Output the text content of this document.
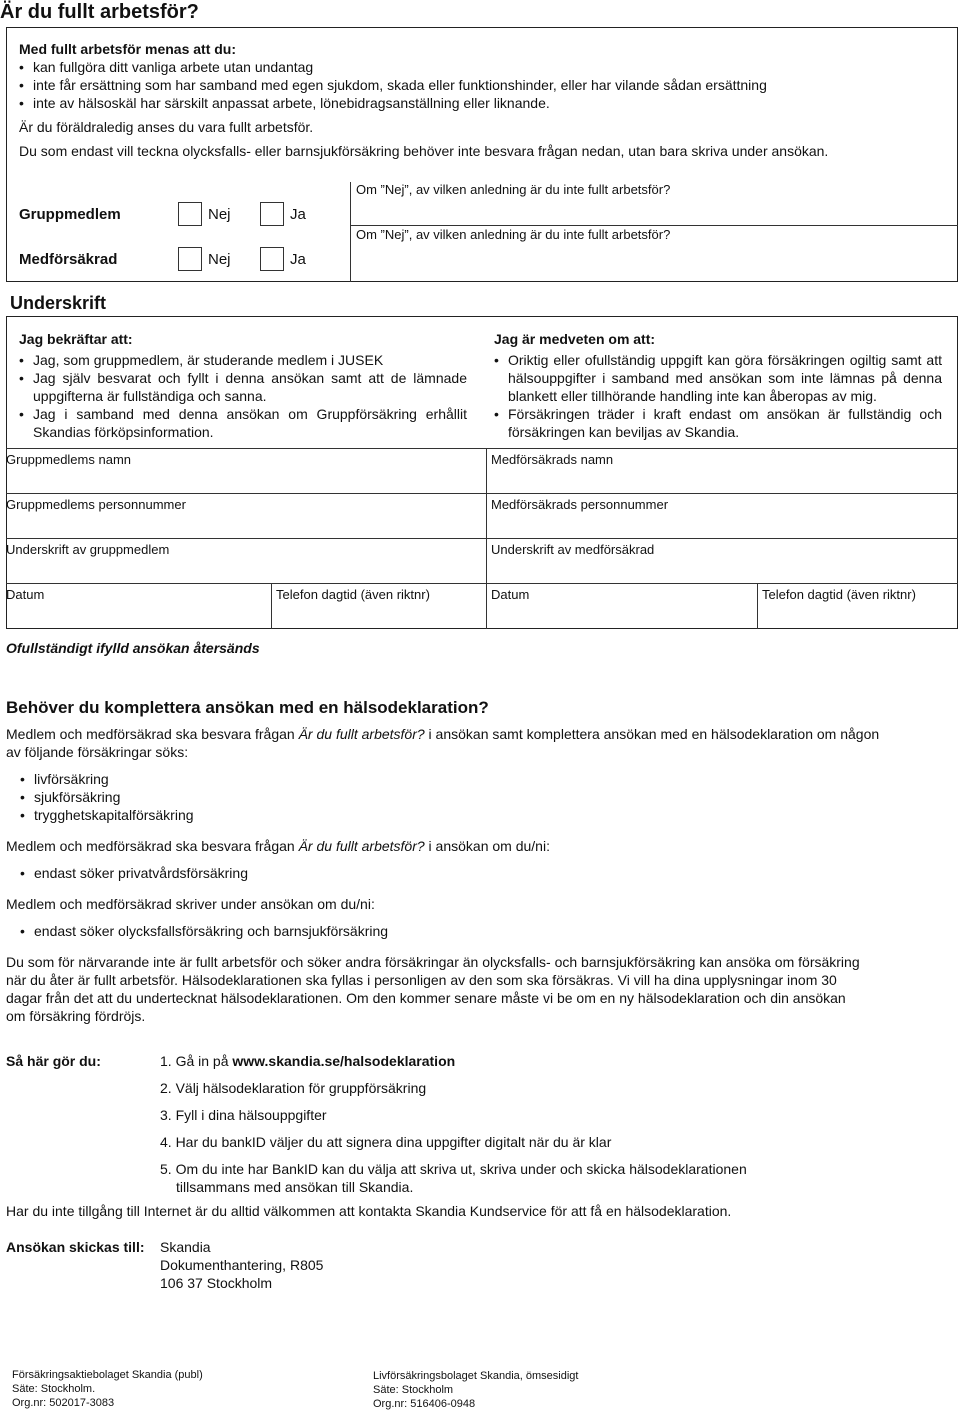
Är du fullt arbetsför?
Med fullt arbetsför menas att du:
• kan fullgöra ditt vanliga arbete utan undantag
• inte får ersättning som har samband med egen sjukdom, skada eller funktionshinder, eller har vilande sådan ersättning
• inte av hälsoskäl har särskilt anpassat arbete, lönebidragsanställning eller liknande.
Är du föräldraledig anses du vara fullt arbetsför.
Du som endast vill teckna olycksfalls- eller barnsjukförsäkring behöver inte besvara frågan nedan, utan bara skriva under ansökan.
Gruppmedlem	Nej	Ja
Om ”Nej”, av vilken anledning är du inte fullt arbetsför?
Medförsäkrad	Nej	Ja
Om ”Nej”, av vilken anledning är du inte fullt arbetsför?
Underskrift
Jag bekräftar att:
• Jag, som gruppmedlem, är studerande medlem i JUSEK
• Jag själv besvarat och fyllt i denna ansökan samt att de lämnade uppgifterna är fullständiga och sanna.
• Jag i samband med denna ansökan om Gruppförsäkring erhållit Skandias förköpsinformation.
Jag är medveten om att:
• Oriktig eller ofullständig uppgift kan göra försäkringen ogiltig samt att hälsouppgifter i samband med ansökan som inte lämnas på denna blankett eller tillhörande handling inte kan åberopas av mig.
• Försäkringen träder i kraft endast om ansökan är fullständig och försäkringen kan beviljas av Skandia.
Gruppmedlems namn	Medförsäkrads namn
Gruppmedlems personnummer	Medförsäkrads personnummer
Underskrift av gruppmedlem	Underskrift av medförsäkrad
Datum	Telefon dagtid (även riktnr)	Datum	Telefon dagtid (även riktnr)
Ofullständigt ifylld ansökan återsänds
Behöver du komplettera ansökan med en hälsodeklaration?
Medlem och medförsäkrad ska besvara frågan Är du fullt arbetsför? i ansökan samt komplettera ansökan med en hälsodeklaration om någon av följande försäkringar söks:
• livförsäkring
• sjukförsäkring
• trygghetskapitalförsäkring
Medlem och medförsäkrad ska besvara frågan Är du fullt arbetsför? i ansökan om du/ni:
• endast söker privatvårdsförsäkring
Medlem och medförsäkrad skriver under ansökan om du/ni:
• endast söker olycksfallsförsäkring och barnsjukförsäkring
Du som för närvarande inte är fullt arbetsför och söker andra försäkringar än olycksfalls- och barnsjukförsäkring kan ansöka om försäkring när du åter är fullt arbetsför. Hälsodeklarationen ska fyllas i personligen av den som ska försäkras. Vi vill ha dina upplysningar inom 30 dagar från det att du undertecknat hälsodeklarationen. Om den kommer senare måste vi be om en ny hälsodeklaration och din ansökan om försäkring fördröjs.
Så här gör du:	1. Gå in på www.skandia.se/halsodeklaration
2. Välj hälsodeklaration för gruppförsäkring
3. Fyll i dina hälsouppgifter
4. Har du bankID väljer du att signera dina uppgifter digitalt när du är klar
5. Om du inte har BankID kan du välja att skriva ut, skriva under och skicka hälsodeklarationen tillsammans med ansökan till Skandia.
Har du inte tillgång till Internet är du alltid välkommen att kontakta Skandia Kundservice för att få en hälsodeklaration.
Ansökan skickas till: Skandia
Dokumenthantering, R805
106 37 Stockholm
Försäkringsaktiebolaget Skandia (publ)
Säte: Stockholm.
Org.nr: 502017-3083
Livförsäkringsbolaget Skandia, ömsesidigt
Säte: Stockholm
Org.nr: 516406-0948
